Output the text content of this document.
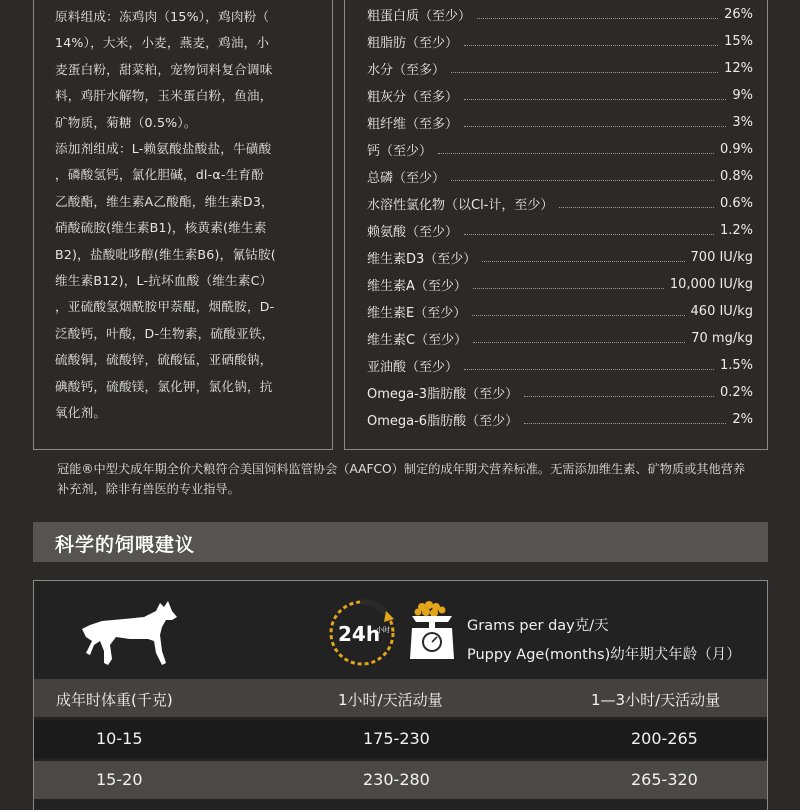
原料组成：冻鸡肉（15%），鸡肉粉（
14%），大米，小麦，燕麦，鸡油，小
麦蛋白粉，甜菜粕，宠物饲料复合调味
料，鸡肝水解物，玉米蛋白粉，鱼油，
矿物质，菊糖（0.5%）。
添加剂组成：L-赖氨酸盐酸盐，牛磺酸
，磷酸氢钙，氯化胆碱，dl-α-生育酚
乙酸酯，维生素A乙酸酯，维生素D3，
硝酸硫胺(维生素B1)，核黄素(维生素
B2)，盐酸吡哆醇(维生素B6)，氰钴胺(
维生素B12)，L-抗坏血酸（维生素C）
，亚硫酸氢烟酰胺甲萘醌，烟酰胺，D-
泛酸钙，叶酸，D-生物素，硫酸亚铁，
硫酸铜，硫酸锌，硫酸锰，亚硒酸钠，
碘酸钙，硫酸镁，氯化钾，氯化钠，抗
氧化剂。
粗蛋白质（至少）	26%
粗脂肪（至少）	15%
水分（至多）	12%
粗灰分（至多）	9%
粗纤维（至多）	3%
钙（至少）	0.9%
总磷（至少）	0.8%
水溶性氯化物（以Cl-计，至少）	0.6%
赖氨酸（至少）	1.2%
维生素D3（至少）	700 IU/kg
维生素A（至少）	10,000 IU/kg
维生素E（至少）	460 IU/kg
维生素C（至少）	70 mg/kg
亚油酸（至少）	1.5%
Omega-3脂肪酸（至少）	0.2%
Omega-6脂肪酸（至少）	2%
冠能®中型犬成年期全价犬粮符合美国饲料监管协会（AAFCO）制定的成年期犬营养标准。无需添加维生素、矿物质或其他营养补充剂，除非有兽医的专业指导。
科学的饲喂建议
24h
小时	Grams per day克/天
Puppy Age(months)幼年期犬年龄（月）
成年时体重(千克)	1小时/天活动量	1—3小时/天活动量
10-15	175-230	200-265
15-20	230-280	265-320
